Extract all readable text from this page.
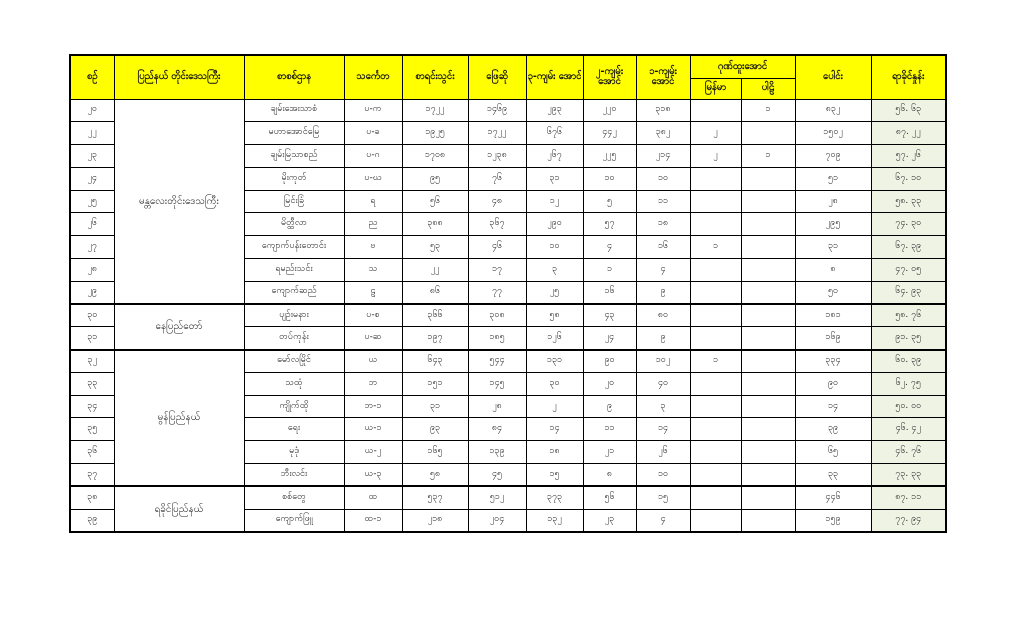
စဉ်	ပြည်နယ် တိုင်းဒေသကြီး	စာစစ်ဌာန	သင်္ကေတ	စာရင်းသွင်း	ဖြေဆို	၃-ကျမ်း အောင်	၂-ကျမ်း အောင်	၁-ကျမ်း အောင်	ဂုဏ်ထူးအောင်		ပေါင်း	ရာခိုင်နှုန်း
									မြန်မာ	ပါဠိ		
၂၀	မန္တလေးတိုင်းဒေသကြီး	ချမ်းအေးသာစံ	ပ-က	၁၇၂၂	၁၄၆၉	၂၉၃	၂၂၀	၃၁၈		၁	၈၃၂	၅၆. ၆၃
၂၂		မဟာအောင်မြေ	ပ-ခ	၁၉၂၅	၁၇၂၂	၆၇၆	၄၄၂	၃၈၂	၂		၁၅၀၂	၈၇. ၂၂
၂၃		ချမ်းမြသာစည်	ပ-ဂ	၁၇၀၈	၁၂၃၈	၂၆၇	၂၂၅	၂၁၄	၂	၁	၇၀၉	၅၇. ၂၆
၂၄		မိုးကုတ်	ပ-ဃ	၉၅	၇၆	၃၁	၁၀	၁၀			၅၁	၆၇. ၁၀
၂၅		မြင်းခြံ	ရ	၅၆	၄၈	၁၂	၅	၁၁			၂၈	၅၈. ၃၃
၂၆		မိတ္ထီလာ	ည	၃၈၈	၃၆၇	၂၉၀	၅၇	၁၈			၂၉၅	၇၄. ၃၀
၂၇		ကျောက်ပန်းတောင်း	ဗ	၅၃	၄၆	၁၀	၄	၁၆	၁		၃၁	၆၇. ၃၉
၂၈		ရမည်းသင်း	သ	၂၂	၁၇	၃	၁	၄			၈	၄၇. ၀၅
၂၉		ကျောက်ဆည်	ဠ	၈၆	၇၇	၂၅	၁၆	၉			၅၀	၆၄. ၉၃
၃၀	နေပြည်တော်	ပျဉ်းမနား	ပ-စ	၃၆၆	၃၀၈	၅၈	၄၃	၈၀			၁၈၁	၅၈. ၇၆
၃၁		တပ်ကုန်း	ပ-ဆ	၁၉၇	၁၈၅	၁၂၆	၂၄	၉			၁၆၉	၉၁. ၃၅
၃၂	မွန်ပြည်နယ်	မော်လမြိုင်	ယ	၆၄၃	၅၄၄	၁၃၁	၉၀	၁၀၂	၁		၃၃၄	၆၀. ၃၉
၃၃		သထုံ	ဘ	၁၅၁	၁၄၅	၃၀	၂၀	၄၀			၉၀	၆၂. ၇၅
၃၄		ကျိုက်ထို	ဘ-၁	၃၁	၂၈	၂	၉	၃			၁၄	၅၀. ၀၀
၃၅		ရေး	ယ-၁	၉၃	၈၄	၁၄	၁၁	၁၄			၃၉	၄၆. ၄၂
၃၆		မုဒုံ	ယ-၂	၁၆၅	၁၃၉	၁၈	၂၁	၂၆			၆၅	၄၆. ၇၆
၃၇		ဘီးလင်း	ယ-၃	၅၈	၄၅	၁၅	၈	၁၀			၃၃	၇၃. ၃၃
၃၈	ရခိုင်ပြည်နယ်	စစ်တွေ	ထ	၅၃၇	၅၁၂	၃၇၃	၅၆	၁၅			၄၄၆	၈၇. ၁၁
၃၉		ကျောက်ဖြူ	ထ-၁	၂၁၈	၂၀၄	၁၃၂	၂၃	၄			၁၅၉	၇၇. ၉၄
